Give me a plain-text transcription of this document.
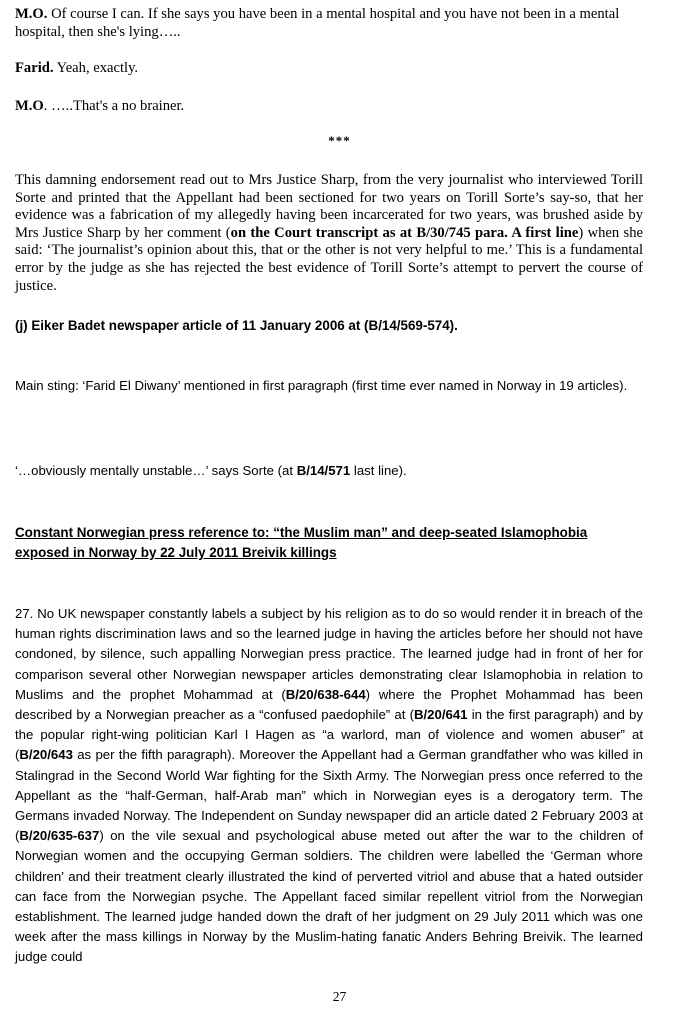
M.O. Of course I can. If she says you have been in a mental hospital and you have not been in a mental hospital, then she's lying…..

Farid. Yeah, exactly.

M.O. …..That's a no brainer.

***

This damning endorsement read out to Mrs Justice Sharp, from the very journalist who interviewed Torill Sorte and printed that the Appellant had been sectioned for two years on Torill Sorte’s say-so, that her evidence was a fabrication of my allegedly having been incarcerated for two years, was brushed aside by Mrs Justice Sharp by her comment (on the Court transcript as at B/30/745 para. A first line) when she said: ‘The journalist’s opinion about this, that or the other is not very helpful to me.’ This is a fundamental error by the judge as she has rejected the best evidence of Torill Sorte’s attempt to pervert the course of justice.

(j) Eiker Badet newspaper article of 11 January 2006 at (B/14/569-574).

Main sting: ‘Farid El Diwany’ mentioned in first paragraph (first time ever named in Norway in 19 articles).

‘…obviously mentally unstable…’ says Sorte (at B/14/571 last line).

Constant Norwegian press reference to: “the Muslim man” and deep-seated Islamophobia exposed in Norway by 22 July 2011 Breivik killings

27. No UK newspaper constantly labels a subject by his religion as to do so would render it in breach of the human rights discrimination laws and so the learned judge in having the articles before her should not have condoned, by silence, such appalling Norwegian press practice. The learned judge had in front of her for comparison several other Norwegian newspaper articles demonstrating clear Islamophobia in relation to Muslims and the prophet Mohammad at (B/20/638-644) where the Prophet Mohammad has been described by a Norwegian preacher as a “confused paedophile” at (B/20/641 in the first paragraph) and by the popular right-wing politician Karl I Hagen as “a warlord, man of violence and women abuser” at (B/20/643 as per the fifth paragraph). Moreover the Appellant had a German grandfather who was killed in Stalingrad in the Second World War fighting for the Sixth Army. The Norwegian press once referred to the Appellant as the “half-German, half-Arab man” which in Norwegian eyes is a derogatory term. The Germans invaded Norway. The Independent on Sunday newspaper did an article dated 2 February 2003 at (B/20/635-637) on the vile sexual and psychological abuse meted out after the war to the children of Norwegian women and the occupying German soldiers. The children were labelled the ‘German whore children’ and their treatment clearly illustrated the kind of perverted vitriol and abuse that a hated outsider can face from the Norwegian psyche. The Appellant faced similar repellent vitriol from the Norwegian establishment. The learned judge handed down the draft of her judgment on 29 July 2011 which was one week after the mass killings in Norway by the Muslim-hating fanatic Anders Behring Breivik. The learned judge could

27
